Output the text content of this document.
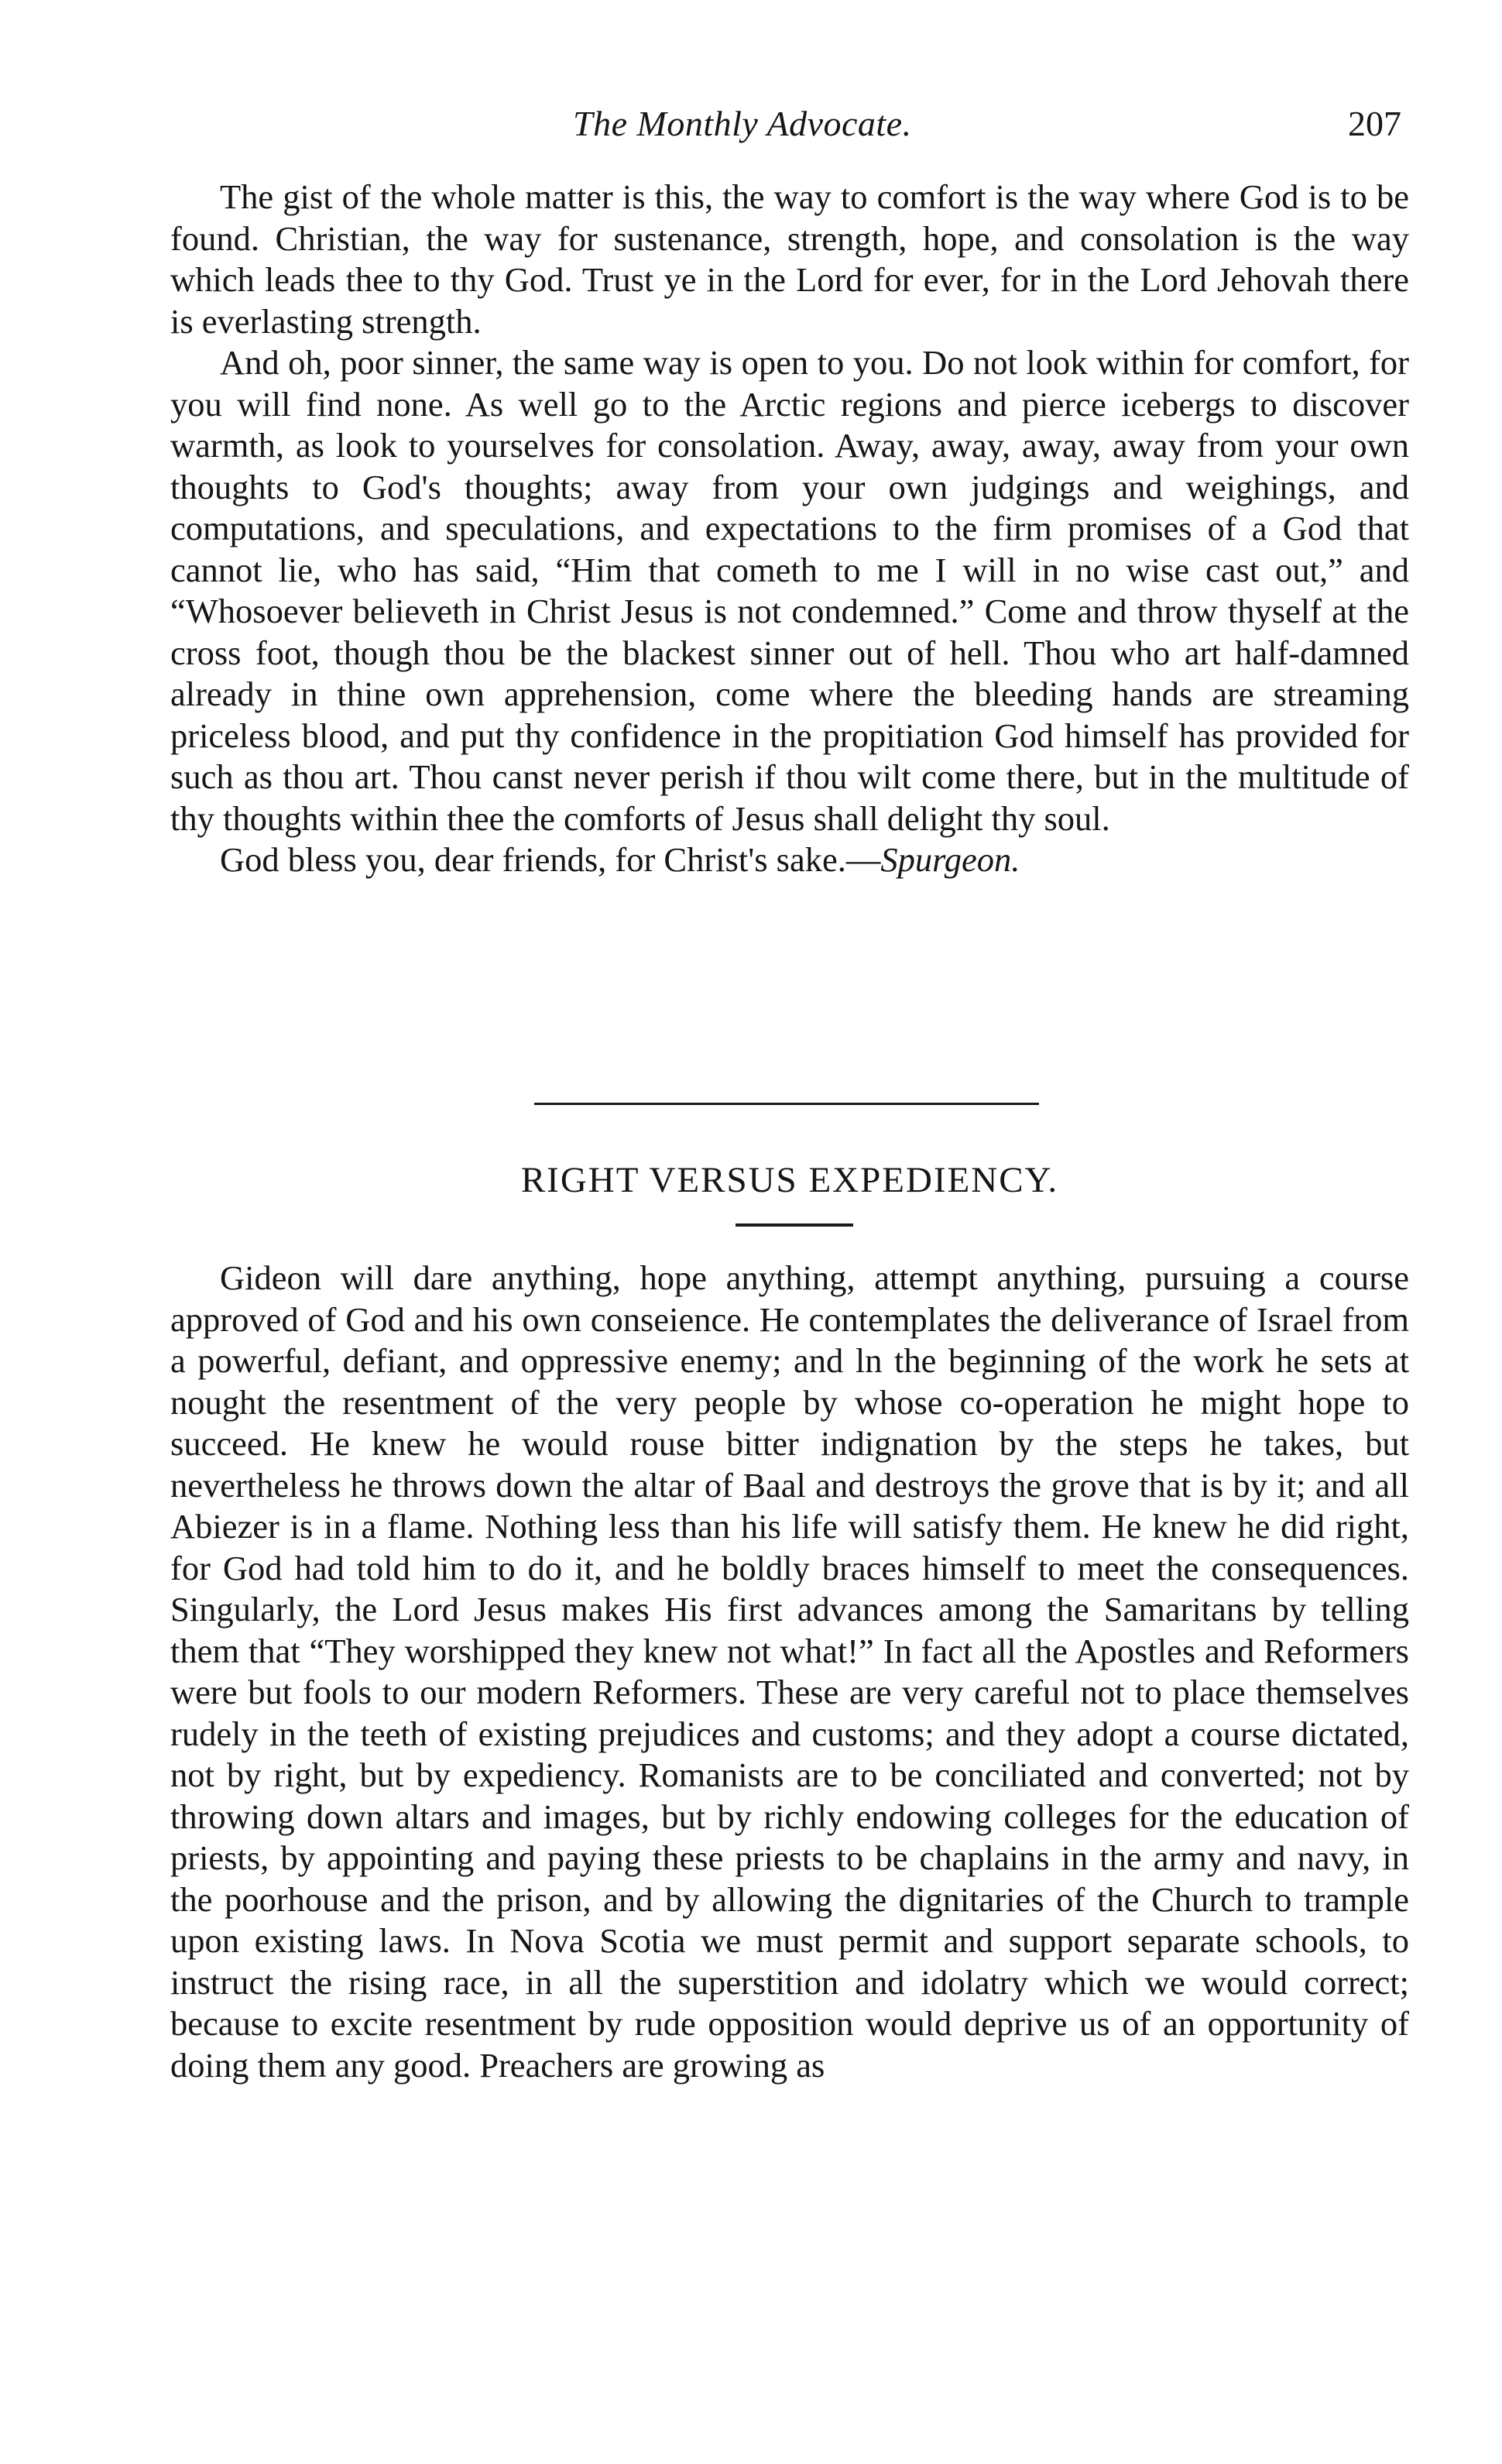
The Monthly Advocate.	207

The gist of the whole matter is this, the way to comfort is the way where God is to be found. Christian, the way for sustenance, strength, hope, and consolation is the way which leads thee to thy God. Trust ye in the Lord for ever, for in the Lord Jehovah there is everlasting strength.

And oh, poor sinner, the same way is open to you. Do not look within for comfort, for you will find none. As well go to the Arctic regions and pierce icebergs to discover warmth, as look to yourselves for consolation. Away, away, away, away from your own thoughts to God's thoughts; away from your own judgings and weighings, and computations, and speculations, and expectations to the firm promises of a God that cannot lie, who has said, “Him that cometh to me I will in no wise cast out,” and “Whosoever believeth in Christ Jesus is not condemned.” Come and throw thyself at the cross foot, though thou be the blackest sinner out of hell. Thou who art half-damned already in thine own apprehension, come where the bleeding hands are streaming priceless blood, and put thy confidence in the propitiation God himself has provided for such as thou art. Thou canst never perish if thou wilt come there, but in the multitude of thy thoughts within thee the comforts of Jesus shall delight thy soul.

God bless you, dear friends, for Christ's sake.—Spurgeon.

RIGHT VERSUS EXPEDIENCY.

Gideon will dare anything, hope anything, attempt anything, pursuing a course approved of God and his own conseience. He contemplates the deliverance of Israel from a powerful, defiant, and oppressive enemy; and ln the beginning of the work he sets at nought the resentment of the very people by whose co-operation he might hope to succeed. He knew he would rouse bitter indignation by the steps he takes, but nevertheless he throws down the altar of Baal and destroys the grove that is by it; and all Abiezer is in a flame. Nothing less than his life will satisfy them. He knew he did right, for God had told him to do it, and he boldly braces himself to meet the consequences. Singularly, the Lord Jesus makes His first advances among the Samaritans by telling them that “They worshipped they knew not what!” In fact all the Apostles and Reformers were but fools to our modern Reformers. These are very careful not to place themselves rudely in the teeth of existing prejudices and customs; and they adopt a course dictated, not by right, but by expediency. Romanists are to be conciliated and converted; not by throwing down altars and images, but by richly endowing colleges for the education of priests, by appointing and paying these priests to be chaplains in the army and navy, in the poorhouse and the prison, and by allowing the dignitaries of the Church to trample upon existing laws. In Nova Scotia we must permit and support separate schools, to instruct the rising race, in all the superstition and idolatry which we would correct; because to excite resentment by rude opposition would deprive us of an opportunity of doing them any good. Preachers are growing as
